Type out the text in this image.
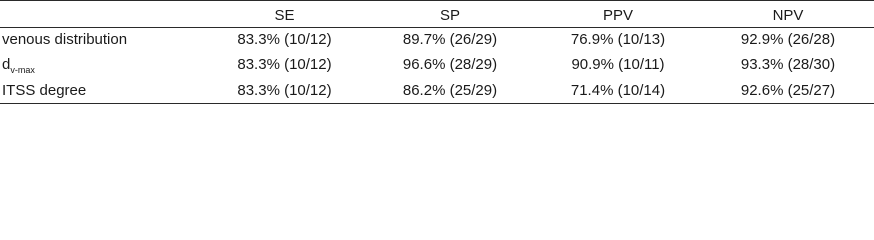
	SE	SP	PPV	NPV
venous distribution	83.3% (10/12)	89.7% (26/29)	76.9% (10/13)	92.9% (26/28)
$d_{v-max}$	83.3% (10/12)	96.6% (28/29)	90.9% (10/11)	93.3% (28/30)
ITSS degree	83.3% (10/12)	86.2% (25/29)	71.4% (10/14)	92.6% (25/27)
